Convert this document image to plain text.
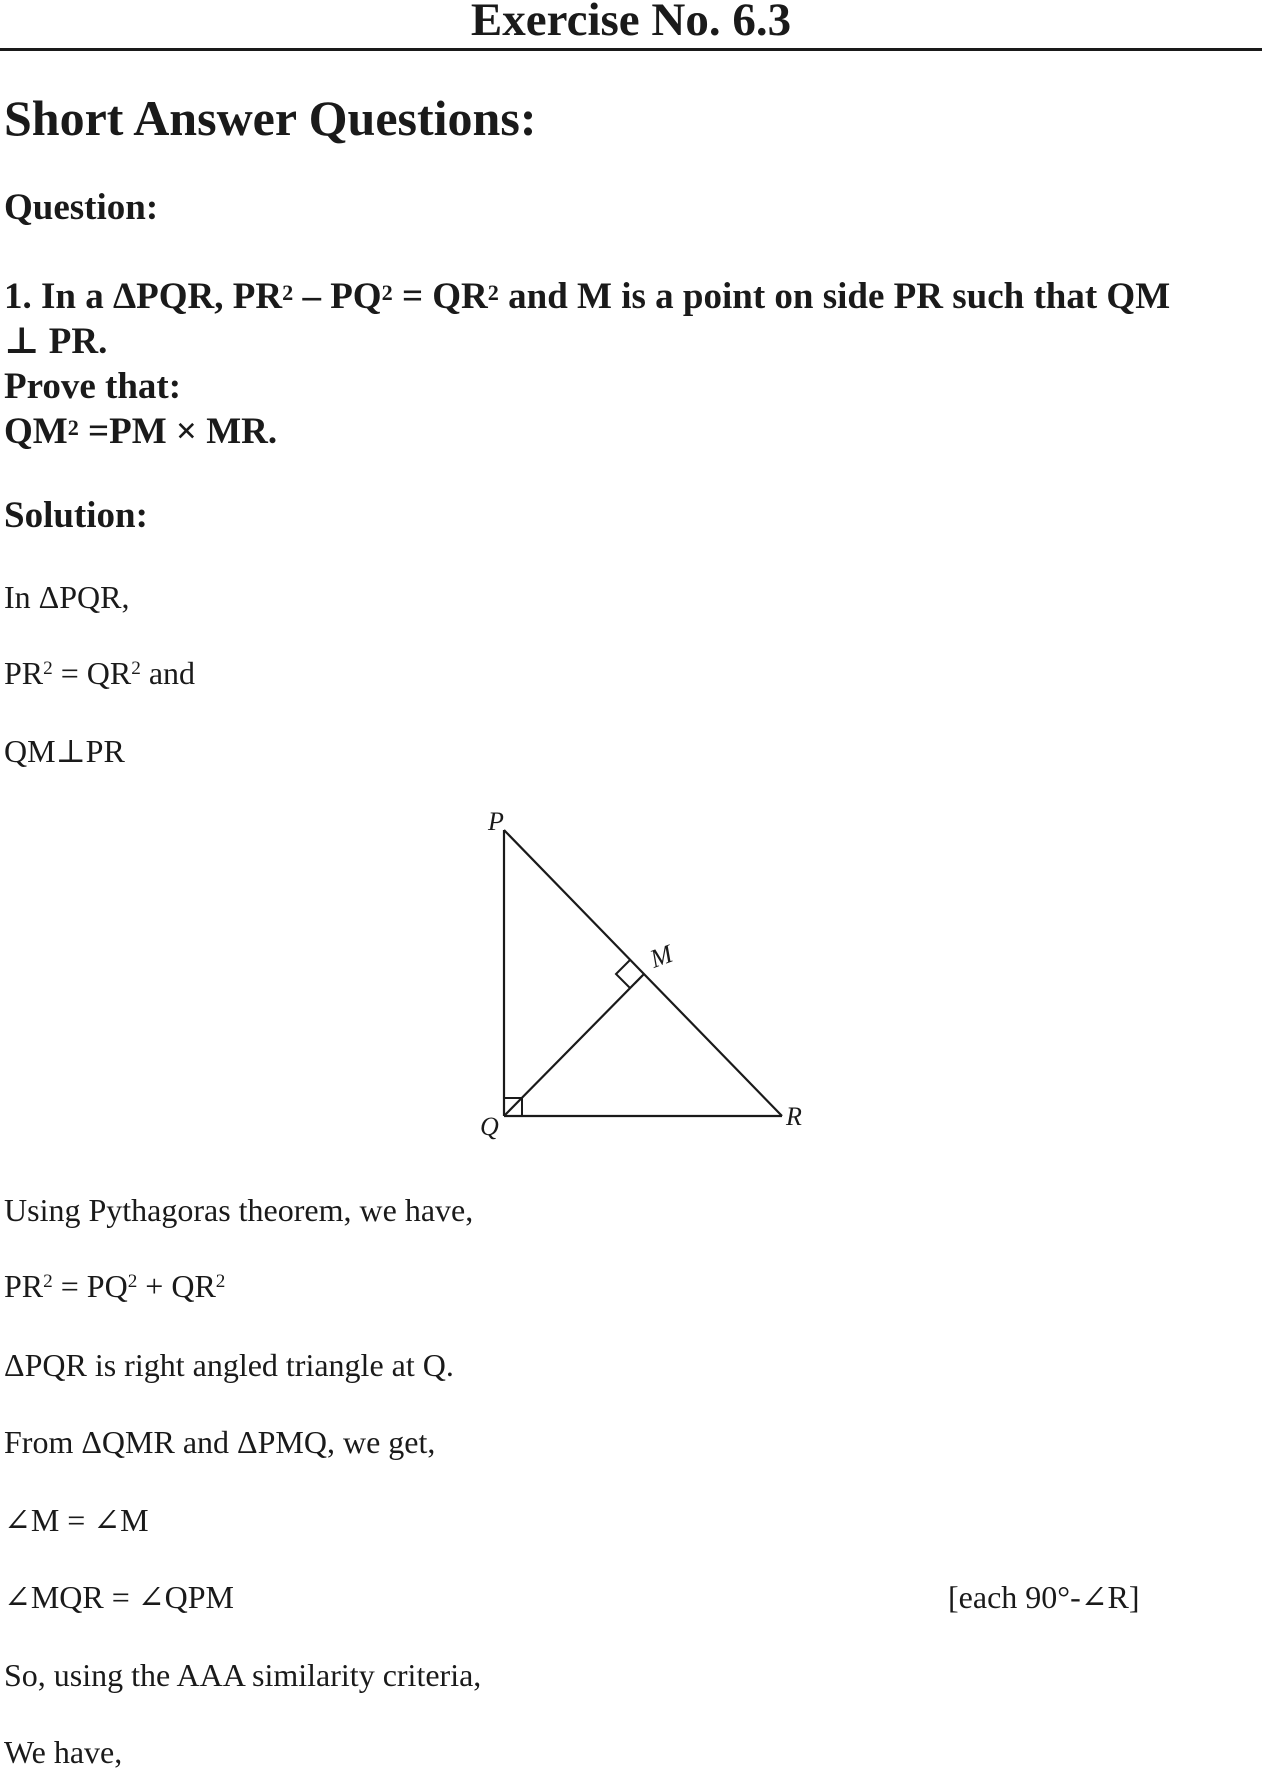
Exercise No. 6.3
Short Answer Questions:
Question:
1. In a ΔPQR, $PR^2 - PQ^2 = QR^2$ and M is a point on side PR such that QM
⊥ PR.
Prove that:
$QM^2 =PM$ × MR.
Solution:
In ΔPQR,
$PR^2 = QR^2$ and
QM⊥PR
P
Q	R
M
Using Pythagoras theorem, we have,
$PR^2 = PQ^2 + QR^2$
ΔPQR is right angled triangle at Q.
From ΔQMR and ΔPMQ, we get,
∠M = ∠M
∠MQR = ∠QPM	[each 90°-∠R]
So, using the AAA similarity criteria,
We have,
